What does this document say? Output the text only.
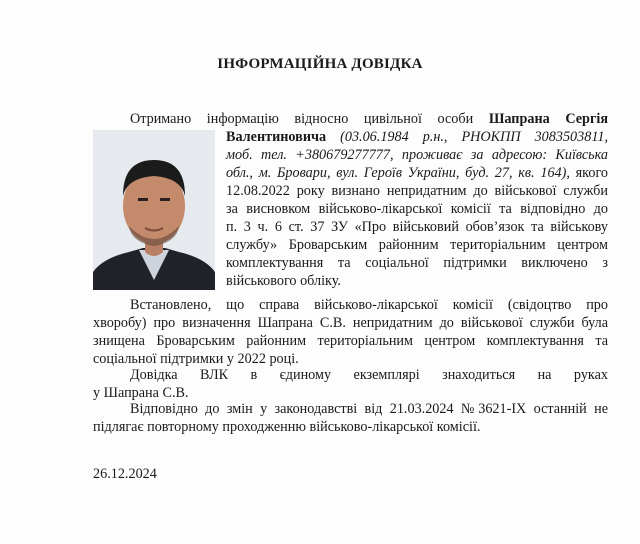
ІНФОРМАЦІЙНА ДОВІДКА
Отримано інформацію відносно цивільної особи Шапрана Сергія
Валентиновича (03.06.1984 р.н., РНОКПП 3083503811,
моб. тел. +380679277777, проживає за адресою: Київська
обл., м. Бровари, вул. Героїв України, буд. 27, кв. 164), якого
12.08.2022 року визнано непридатним до військової служби
за висновком військово-лікарської комісії та відповідно до
п. 3 ч. 6 ст. 37 ЗУ «Про військовий обов’язок та військову
службу» Броварським районним територіальним центром
комплектування та соціальної підтримки виключено з
військового обліку.
Встановлено, що справа військово-лікарської комісії (свідоцтво про
хворобу) про визначення Шапрана С.В. непридатним до військової служби була
знищена Броварським районним територіальним центром комплектування та
соціальної підтримки у 2022 році.
Довідка ВЛК в єдиному екземплярі знаходиться на руках
у Шапрана С.В.
Відповідно до змін у законодавстві від 21.03.2024 №3621-ІХ останній не
підлягає повторному проходженню військово-лікарської комісії.
26.12.2024
